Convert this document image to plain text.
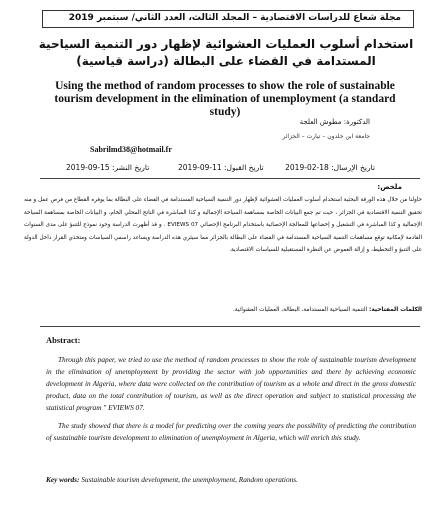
مجلة شعاع للدراسات الاقتصادية – المجلد الثالث، العدد الثاني/ سبتمبر 2019
استخدام أسلوب العمليات العشوائية لإظهار دور التنمية السياحية المستدامة في القضاء على البطالة (دراسة قياسية)
Using the method of random processes to show the role of sustainable tourism development in the elimination of unemployment (a standard study)
الدكتورة: مطوش العلجة
جامعة ابن خلدون – تيارت – الجزائر
Sabrilmd38@hotmail.fr
تاريخ الإرسال: 18-02-2019
تاريخ القبول: 11-09-2019
تاريخ النشر: 15-09-2019
ملخص:
حاولنا من خلال هذه الورقة البحثية استخدام أسلوب العمليات العشوائية لإظهار دور التنمية السياحية المستدامة في القضاء على البطالة بما يوفره القطاع من فرص عمل و منه تحقيق التنمية الاقتصادية في الجزائر ، حيث تم جمع البيانات الخاصة بمساهمة السياحة الإجمالية و كذا المباشرة في الناتج المحلي الخام، و البيانات الخاصة بمساهمة السياحة الإجمالية و كذا المباشرة في التشغيل و إخضاعها للمعالجة الإحصائية باستخدام البرنامج الإحصائي EVIEWS 07 . و قد أظهرت الدراسة وجود نموذج للتنبؤ على مدى السنوات القادمة لإمكانية توقع مساهمات التنمية السياحية المستدامة في القضاء على البطالة بالجزائر مما سيثري هذه الدراسة ويساعد راسمي السياسات ومتخذي القرار داخل الدولة على التنبؤ و التخطيط، و إزالة الغموض عن النظرة المستقبلية للسياسات الاقتصادية.
الكلمات المفتاحية: التنمية السياحية المستدامة، البطالة، العمليات العشوائية.
Abstract:

Through this paper, we tried to use the method of random processes to show the role of sustainable tourism development in the elimination of unemployment by providing the sector with job opportunities and there by achieving economic development in Algeria, where data were collected on the contribution of tourism as a whole and direct in the gross domestic product, data on the total contribution of tourism, as well as the direct operation and subject to statistical processing the statistical program " EVIEWS 07.

The study showed that there is a model for predicting over the coming years the possibility of predicting the contribution of sustainable tourism development to elimination of unemployment in Algeria, which will enrich this study.

Key words: Sustainable tourism development, the unemployment, Random operations.
